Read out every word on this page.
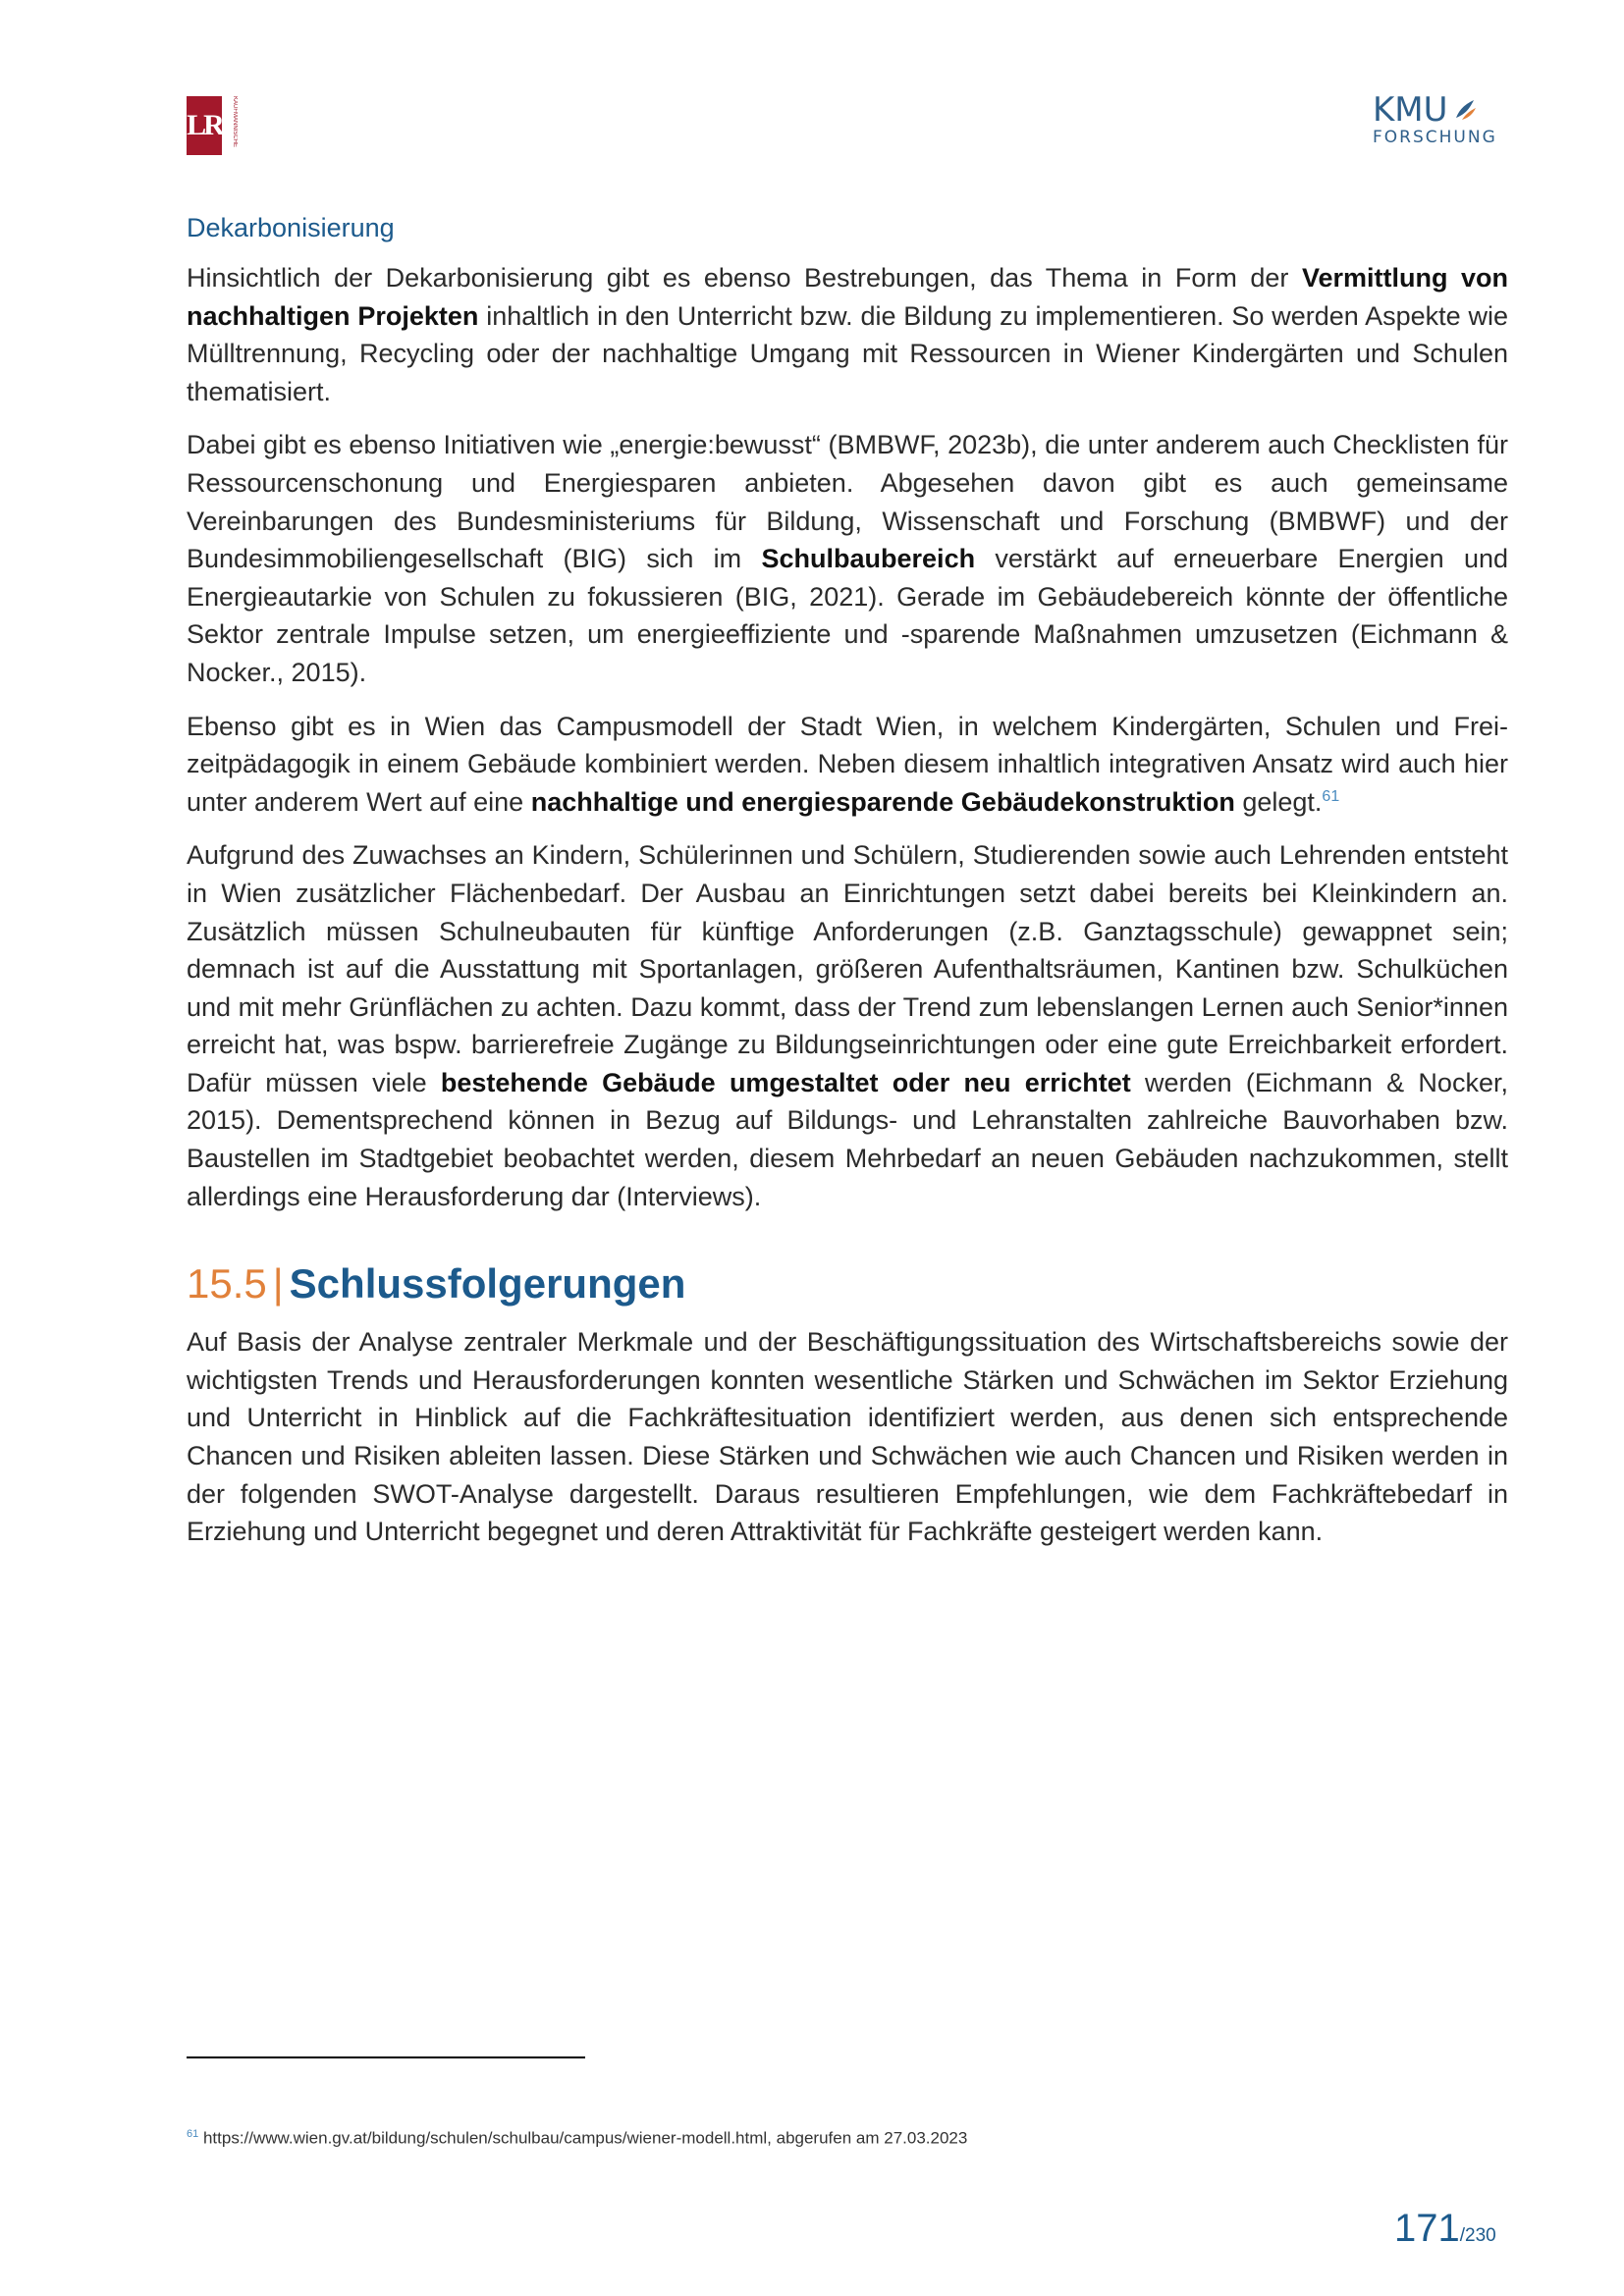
LR	KAUFMÄNNISCHE	KMU
FORSCHUNG
Dekarbonisierung

Hinsichtlich der Dekarbonisierung gibt es ebenso Bestrebungen, das Thema in Form der Vermittlung von nachhaltigen Projekten inhaltlich in den Unterricht bzw. die Bildung zu implementieren. So werden Aspekte wie Mülltrennung, Recycling oder der nachhaltige Umgang mit Ressourcen in Wiener Kindergärten und Schulen thematisiert.

Dabei gibt es ebenso Initiativen wie „energie:bewusst“ (BMBWF, 2023b), die unter anderem auch Checklisten für Ressourcenschonung und Energiesparen anbieten. Abgesehen davon gibt es auch gemeinsame Vereinbarungen des Bundesministeriums für Bildung, Wissenschaft und Forschung (BMBWF) und der Bundesimmobiliengesellschaft (BIG) sich im Schulbaubereich verstärkt auf erneuerbare Energien und Energieautarkie von Schulen zu fokussieren (BIG, 2021). Gerade im Gebäudebereich könnte der öffentliche Sektor zentrale Impulse setzen, um energieeffiziente und -sparende Maßnahmen umzusetzen (Eichmann & Nocker., 2015).

Ebenso gibt es in Wien das Campusmodell der Stadt Wien, in welchem Kindergärten, Schulen und Freizeitpädagogik in einem Gebäude kombiniert werden. Neben diesem inhaltlich integrativen Ansatz wird auch hier unter anderem Wert auf eine nachhaltige und energiesparende Gebäudekonstruktion gelegt.$^{61}$

Aufgrund des Zuwachses an Kindern, Schülerinnen und Schülern, Studierenden sowie auch Lehrenden entsteht in Wien zusätzlicher Flächenbedarf. Der Ausbau an Einrichtungen setzt dabei bereits bei Kleinkindern an. Zusätzlich müssen Schulneubauten für künftige Anforderungen (z.B. Ganztagsschule) gewappnet sein; demnach ist auf die Ausstattung mit Sportanlagen, größeren Aufenthaltsräumen, Kantinen bzw. Schulküchen und mit mehr Grünflächen zu achten. Dazu kommt, dass der Trend zum lebenslangen Lernen auch Senior*innen erreicht hat, was bspw. barrierefreie Zugänge zu Bildungseinrichtungen oder eine gute Erreichbarkeit erfordert. Dafür müssen viele bestehende Gebäude umgestaltet oder neu errichtet werden (Eichmann & Nocker, 2015). Dementsprechend können in Bezug auf Bildungs- und Lehranstalten zahlreiche Bauvorhaben bzw. Baustellen im Stadtgebiet beobachtet werden, diesem Mehrbedarf an neuen Gebäuden nachzukommen, stellt allerdings eine Herausforderung dar (Interviews).

15.5 | Schlussfolgerungen

Auf Basis der Analyse zentraler Merkmale und der Beschäftigungssituation des Wirtschaftsbereichs sowie der wichtigsten Trends und Herausforderungen konnten wesentliche Stärken und Schwächen im Sektor Erziehung und Unterricht in Hinblick auf die Fachkräftesituation identifiziert werden, aus denen sich entsprechende Chancen und Risiken ableiten lassen. Diese Stärken und Schwächen wie auch Chancen und Risiken werden in der folgenden SWOT-Analyse dargestellt. Daraus resultieren Empfehlungen, wie dem Fachkräftebedarf in Erziehung und Unterricht begegnet und deren Attraktivität für Fachkräfte gesteigert werden kann.

$^{61}$ https://www.wien.gv.at/bildung/schulen/schulbau/campus/wiener-modell.html, abgerufen am 27.03.2023
171/230
